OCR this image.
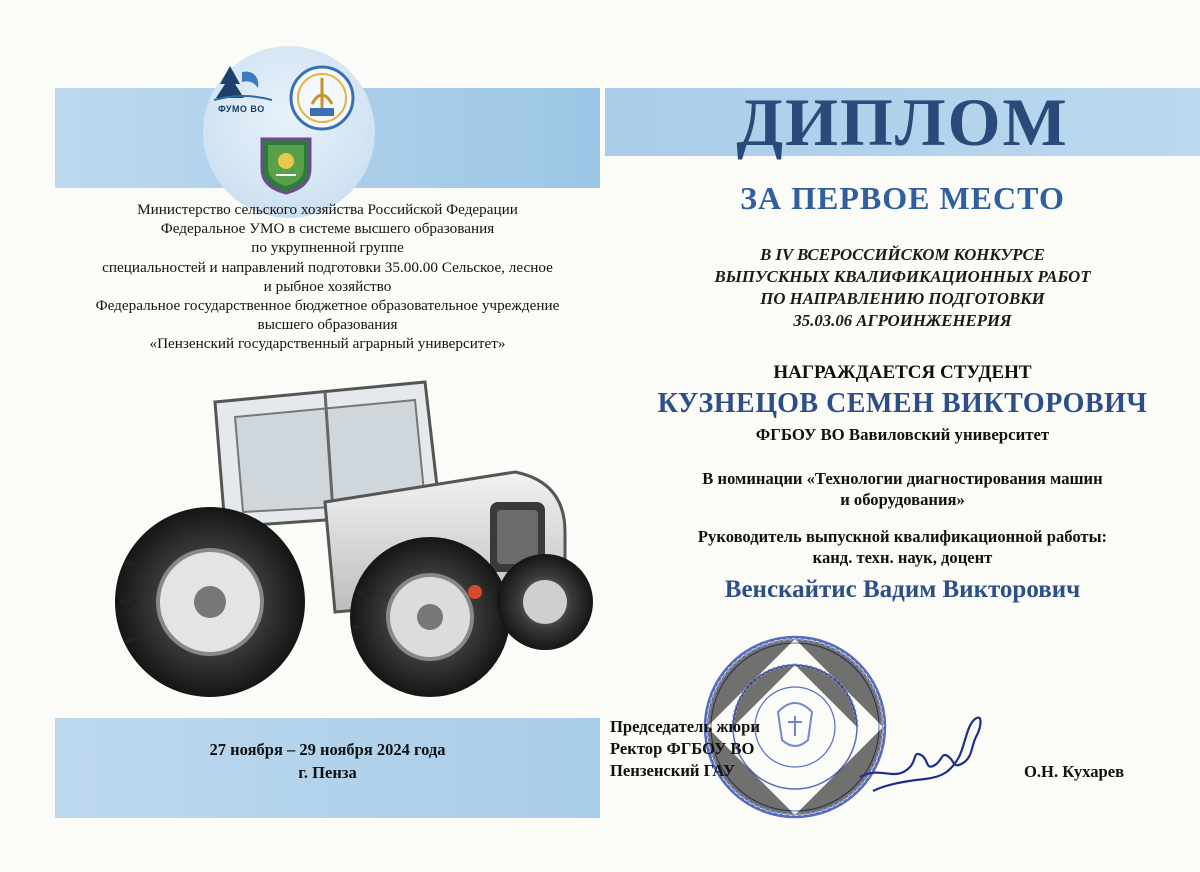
ФУМО ВО
Министерство сельского хозяйства Российской Федерации
Федеральное УМО в системе высшего образования
по укрупненной группе
специальностей и направлений подготовки 35.00.00 Сельское, лесное
и рыбное хозяйство
Федеральное государственное бюджетное образовательное учреждение
высшего образования
«Пензенский государственный аграрный университет»
27 ноября – 29 ноября 2024 года
г. Пенза
ДИПЛОМ
ЗА ПЕРВОЕ МЕСТО
В IV ВСЕРОССИЙСКОМ КОНКУРСЕ
ВЫПУСКНЫХ КВАЛИФИКАЦИОННЫХ РАБОТ
ПО НАПРАВЛЕНИЮ ПОДГОТОВКИ
35.03.06 АГРОИНЖЕНЕРИЯ
НАГРАЖДАЕТСЯ СТУДЕНТ
КУЗНЕЦОВ СЕМЕН ВИКТОРОВИЧ
ФГБОУ ВО Вавиловский университет
В номинации «Технологии диагностирования машин
и оборудования»
Руководитель выпускной квалификационной работы:
канд. техн. наук, доцент
Венскайтис Вадим Викторович
Председатель жюри
Ректор ФГБОУ ВО
Пензенский ГАУ	О.Н. Кухарев
